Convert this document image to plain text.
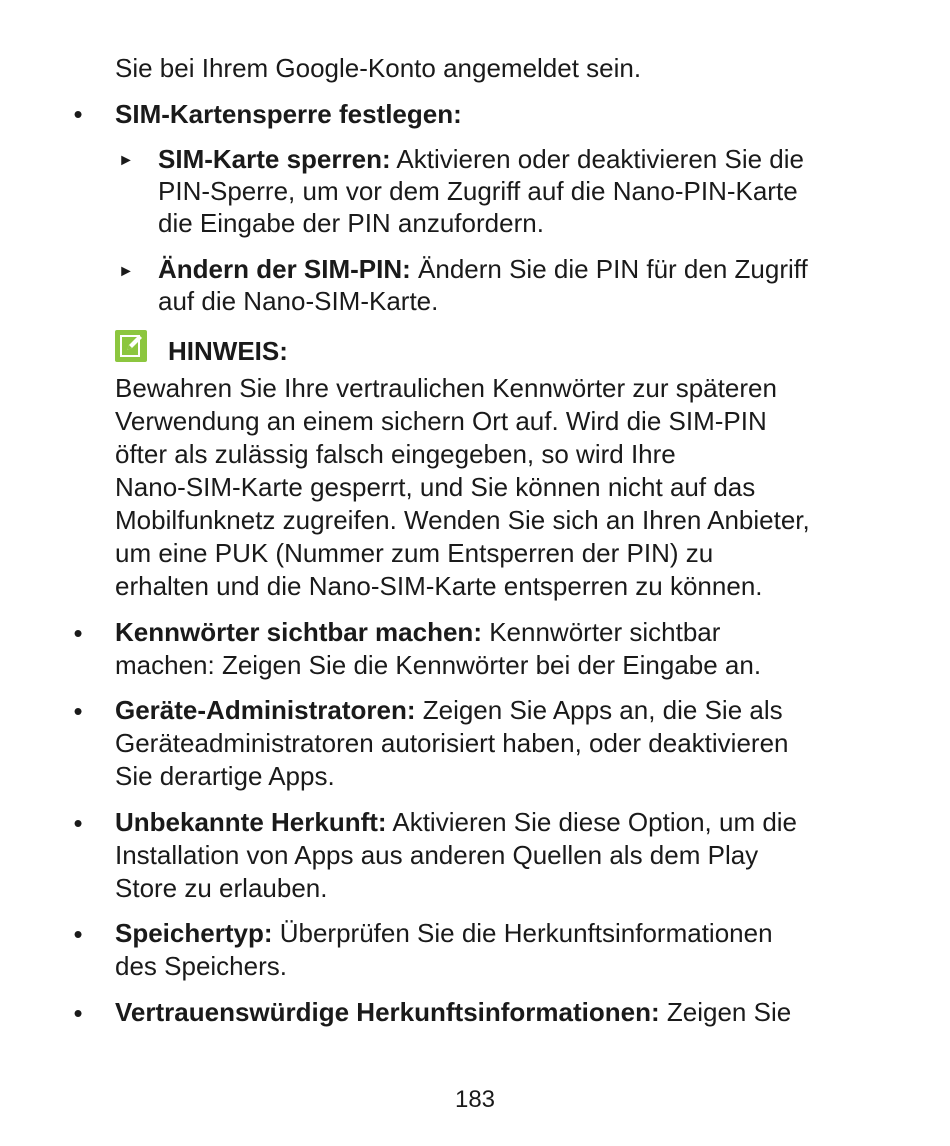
Sie bei Ihrem Google-Konto angemeldet sein.
• SIM-Kartensperre festlegen:
► SIM-Karte sperren: Aktivieren oder deaktivieren Sie die
PIN-Sperre, um vor dem Zugriff auf die Nano-PIN-Karte
die Eingabe der PIN anzufordern.
► Ändern der SIM-PIN: Ändern Sie die PIN für den Zugriff
auf die Nano-SIM-Karte.
HINWEIS:
Bewahren Sie Ihre vertraulichen Kennwörter zur späteren
Verwendung an einem sichern Ort auf. Wird die SIM-PIN
öfter als zulässig falsch eingegeben, so wird Ihre
Nano-SIM-Karte gesperrt, und Sie können nicht auf das
Mobilfunknetz zugreifen. Wenden Sie sich an Ihren Anbieter,
um eine PUK (Nummer zum Entsperren der PIN) zu
erhalten und die Nano-SIM-Karte entsperren zu können.
• Kennwörter sichtbar machen: Kennwörter sichtbar
machen: Zeigen Sie die Kennwörter bei der Eingabe an.
• Geräte-Administratoren: Zeigen Sie Apps an, die Sie als
Geräteadministratoren autorisiert haben, oder deaktivieren
Sie derartige Apps.
• Unbekannte Herkunft: Aktivieren Sie diese Option, um die
Installation von Apps aus anderen Quellen als dem Play
Store zu erlauben.
• Speichertyp: Überprüfen Sie die Herkunftsinformationen
des Speichers.
• Vertrauenswürdige Herkunftsinformationen: Zeigen Sie
183
